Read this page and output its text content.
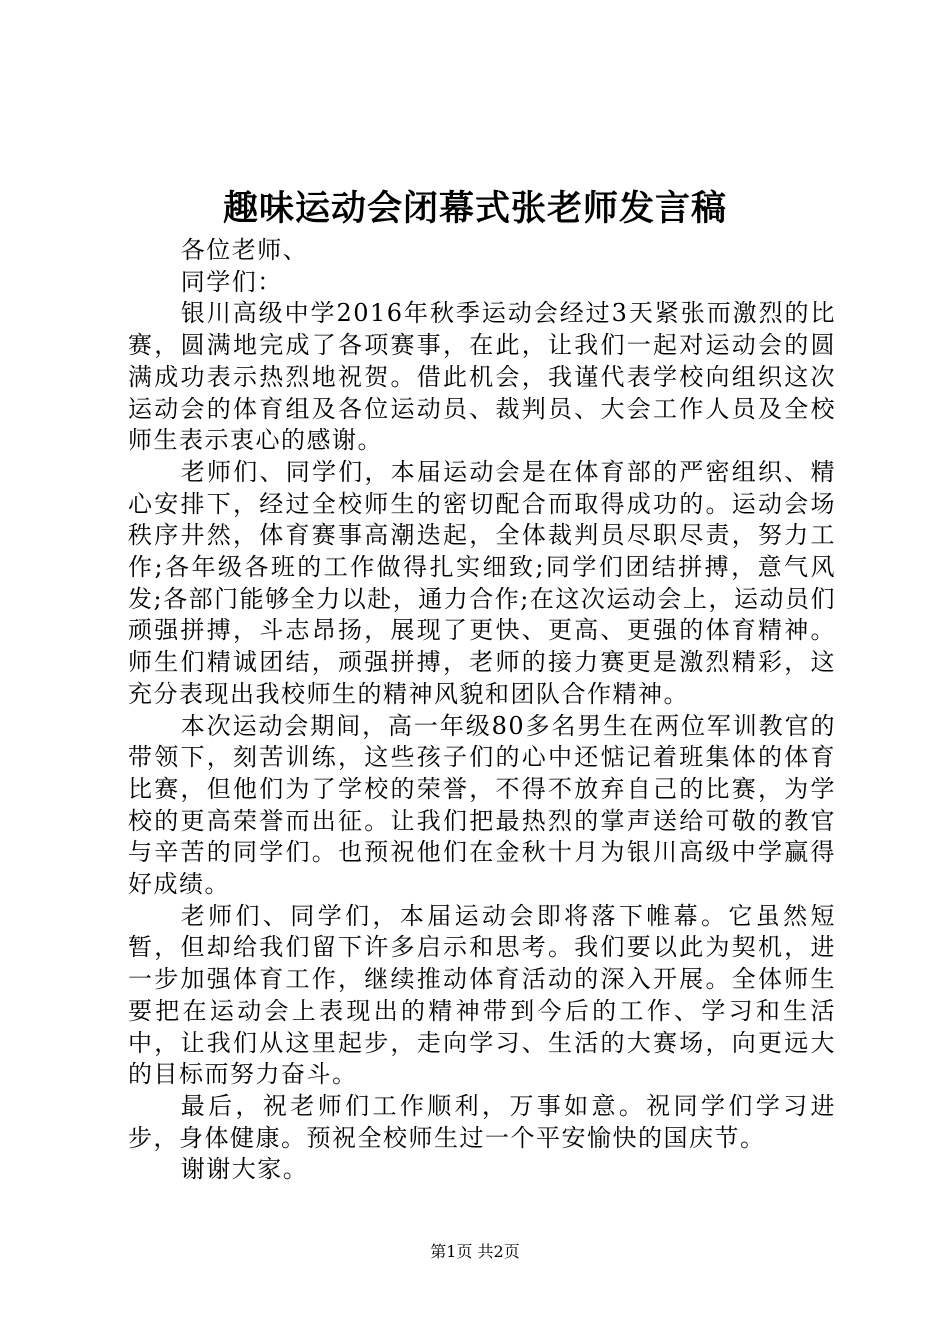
趣味运动会闭幕式张老师发言稿

各位老师、

同学们：

银川高级中学2016年秋季运动会经过3天紧张而激烈的比赛，圆满地完成了各项赛事，在此，让我们一起对运动会的圆满成功表示热烈地祝贺。借此机会，我谨代表学校向组织这次运动会的体育组及各位运动员、裁判员、大会工作人员及全校师生表示衷心的感谢。

老师们、同学们，本届运动会是在体育部的严密组织、精心安排下，经过全校师生的密切配合而取得成功的。运动会场秩序井然，体育赛事高潮迭起，全体裁判员尽职尽责，努力工作;各年级各班的工作做得扎实细致;同学们团结拼搏，意气风发;各部门能够全力以赴，通力合作;在这次运动会上，运动员们顽强拼搏，斗志昂扬，展现了更快、更高、更强的体育精神。师生们精诚团结，顽强拼搏，老师的接力赛更是激烈精彩，这充分表现出我校师生的精神风貌和团队合作精神。

本次运动会期间，高一年级80多名男生在两位军训教官的带领下，刻苦训练，这些孩子们的心中还惦记着班集体的体育比赛，但他们为了学校的荣誉，不得不放弃自己的比赛，为学校的更高荣誉而出征。让我们把最热烈的掌声送给可敬的教官与辛苦的同学们。也预祝他们在金秋十月为银川高级中学赢得好成绩。

老师们、同学们，本届运动会即将落下帷幕。它虽然短暂，但却给我们留下许多启示和思考。我们要以此为契机，进一步加强体育工作，继续推动体育活动的深入开展。全体师生要把在运动会上表现出的精神带到今后的工作、学习和生活中，让我们从这里起步，走向学习、生活的大赛场，向更远大的目标而努力奋斗。

最后，祝老师们工作顺利，万事如意。祝同学们学习进步，身体健康。预祝全校师生过一个平安愉快的国庆节。

谢谢大家。

第1页 共2页
